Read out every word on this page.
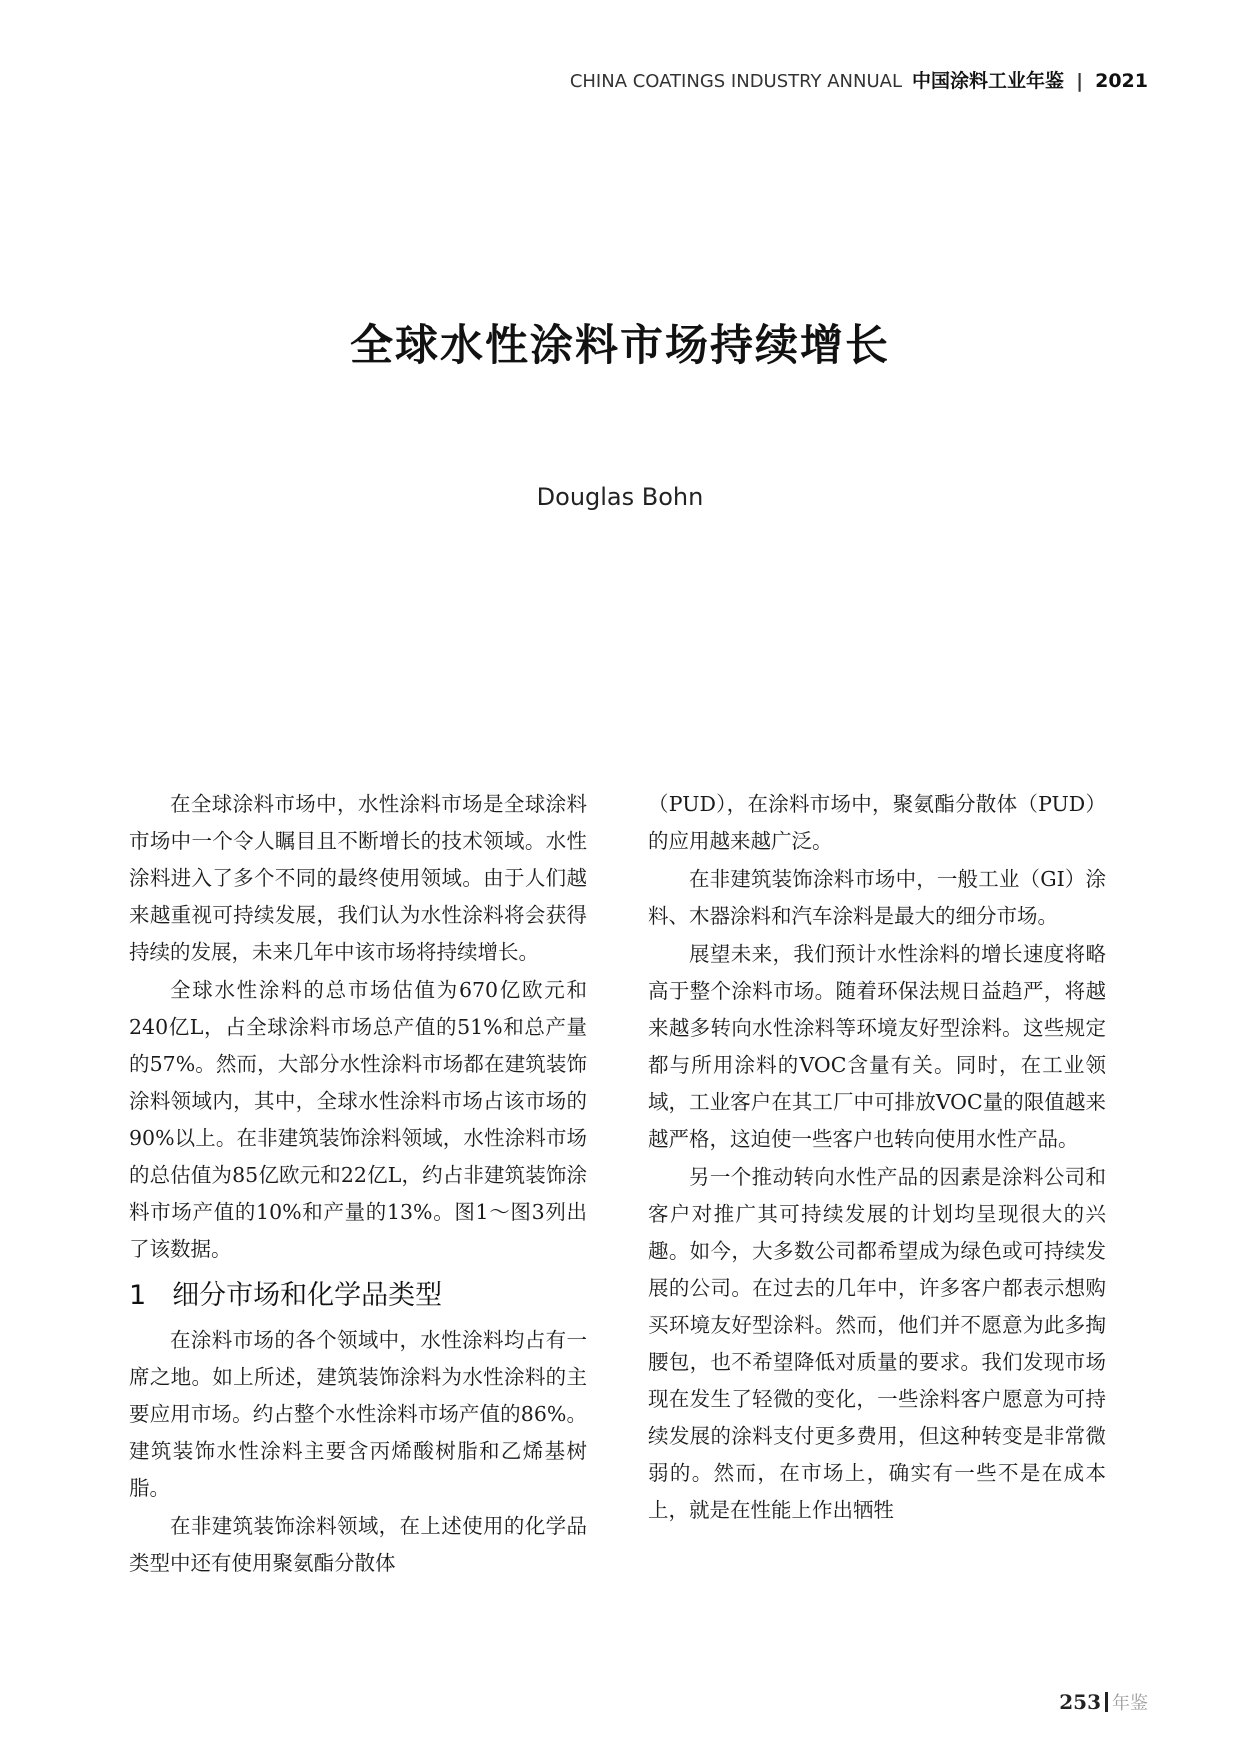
CHINA COATINGS INDUSTRY ANNUAL 中国涂料工业年鉴 | 2021
全球水性涂料市场持续增长
Douglas Bohn

在全球涂料市场中，水性涂料市场是全球涂料市场中一个令人瞩目且不断增长的技术领域。水性涂料进入了多个不同的最终使用领域。由于人们越来越重视可持续发展，我们认为水性涂料将会获得持续的发展，未来几年中该市场将持续增长。

全球水性涂料的总市场估值为670亿欧元和240亿L，占全球涂料市场总产值的51%和总产量的57%。然而，大部分水性涂料市场都在建筑装饰涂料领域内，其中，全球水性涂料市场占该市场的90%以上。在非建筑装饰涂料领域，水性涂料市场的总估值为85亿欧元和22亿L，约占非建筑装饰涂料市场产值的10%和产量的13%。图1～图3列出了该数据。

1 细分市场和化学品类型

在涂料市场的各个领域中，水性涂料均占有一席之地。如上所述，建筑装饰涂料为水性涂料的主要应用市场。约占整个水性涂料市场产值的86%。建筑装饰水性涂料主要含丙烯酸树脂和乙烯基树脂。

在非建筑装饰涂料领域，在上述使用的化学品类型中还有使用聚氨酯分散体

（PUD），在涂料市场中，聚氨酯分散体（PUD）的应用越来越广泛。

在非建筑装饰涂料市场中，一般工业（GI）涂料、木器涂料和汽车涂料是最大的细分市场。

展望未来，我们预计水性涂料的增长速度将略高于整个涂料市场。随着环保法规日益趋严，将越来越多转向水性涂料等环境友好型涂料。这些规定都与所用涂料的VOC含量有关。同时，在工业领域，工业客户在其工厂中可排放VOC量的限值越来越严格，这迫使一些客户也转向使用水性产品。

另一个推动转向水性产品的因素是涂料公司和客户对推广其可持续发展的计划均呈现很大的兴趣。如今，大多数公司都希望成为绿色或可持续发展的公司。在过去的几年中，许多客户都表示想购买环境友好型涂料。然而，他们并不愿意为此多掏腰包，也不希望降低对质量的要求。我们发现市场现在发生了轻微的变化，一些涂料客户愿意为可持续发展的涂料支付更多费用，但这种转变是非常微弱的。然而，在市场上，确实有一些不是在成本上，就是在性能上作出牺牲

253 年鉴
